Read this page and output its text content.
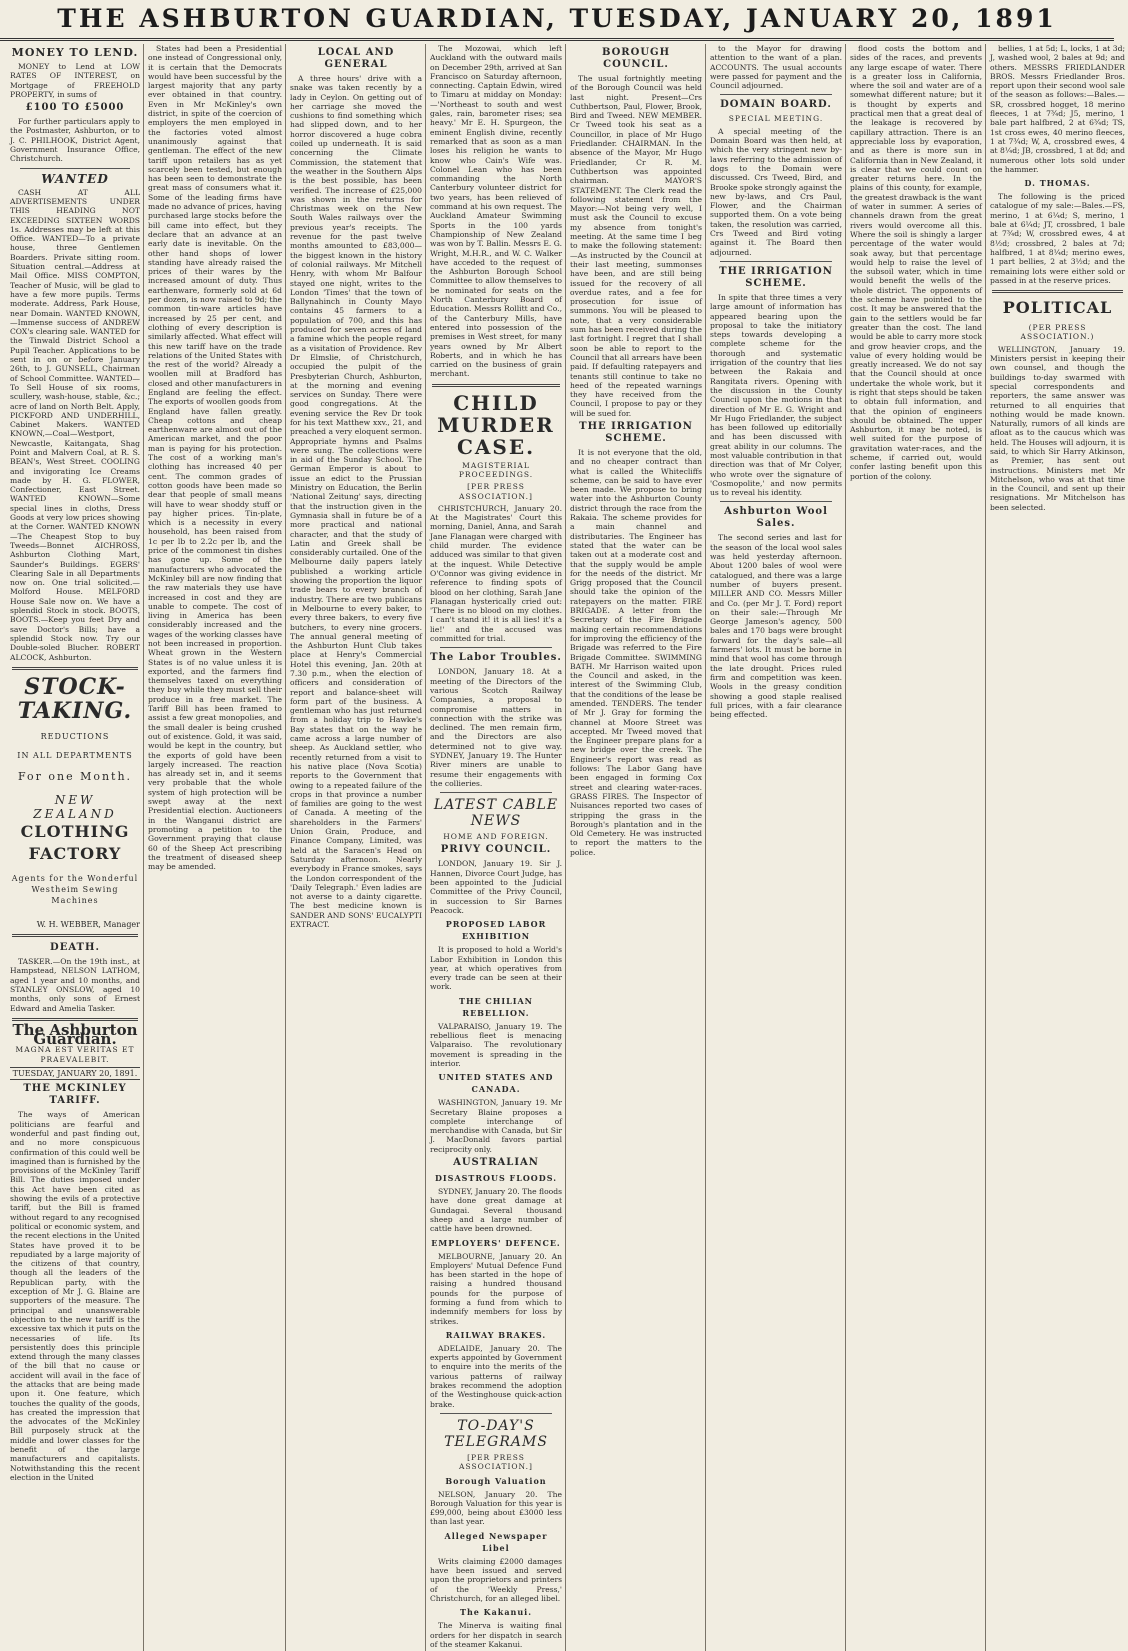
THE ASHBURTON GUARDIAN, TUESDAY, JANUARY 20, 1891
MONEY TO LEND.

MONEY to Lend at LOW RATES OF INTEREST, on Mortgage of FREEHOLD PROPERTY, in sums of

£100 TO £5000

For further particulars apply to the Postmaster, Ashburton, or to J. C. PHILHOOK, District Agent, Government Insurance Office, Christchurch.

WANTED

CASH AT ALL ADVERTISEMENTS UNDER THIS HEADING NOT EXCEEDING SIXTEEN WORDS 1s. Addresses may be left at this Office. WANTED—To a private house, three Gentlemen Boarders. Private sitting room. Situation central.—Address at Mail Office. MISS COMPTON, Teacher of Music, will be glad to have a few more pupils. Terms moderate. Address, Park House, near Domain. WANTED KNOWN,—Immense success of ANDREW COX's clearing sale. WANTED for the Tinwald District School a Pupil Teacher. Applications to be sent in on or before January 26th, to J. GUNSELL, Chairman of School Committee. WANTED—To Sell House of six rooms, scullery, wash-house, stable, &c.; acre of land on North Belt. Apply, PICKFORD AND UNDERHILL, Cabinet Makers. WANTED KNOWN,—Coal—Westport, Newcastle, Kaitangata, Shag Point and Malvern Coal, at R. S. BEAN's, West Street. COOLING and invigorating Ice Creams made by H. G. FLOWER, Confectioner, East Street. WANTED KNOWN—Some special lines in cloths, Dress Goods at very low prices showing at the Corner. WANTED KNOWN—The Cheapest Stop to buy Tweeds—Bonnet AICHROSS, Ashburton Clothing Mart, Saunder's Buildings. EGERS' Clearing Sale in all Departments now on. One trial solicited.—Molford House. MELFORD House Sale now on. We have a splendid Stock in stock. BOOTS, BOOTS.—Keep you feet Dry and save Doctor's Bills; have a splendid Stock now. Try our Double-soled Blucher. ROBERT ALCOCK, Ashburton.

STOCK-TAKING.
REDUCTIONS
IN ALL DEPARTMENTS
For one Month.
NEW ZEALAND
CLOTHING FACTORY
Agents for the Wonderful Westheim Sewing Machines
W. H. WEBBER, Manager
DEATH.

TASKER.—On the 19th inst., at Hampstead, NELSON LATHOM, aged 1 year and 10 months, and STANLEY ONSLOW, aged 10 months, only sons of Ernest Edward and Amelia Tasker.

The Ashburton Guardian.
MAGNA EST VERITAS ET PRAEVALEBIT.
TUESDAY, JANUARY 20, 1891.
THE MCKINLEY TARIFF.

The ways of American politicians are fearful and wonderful and past finding out, and no more conspicuous confirmation of this could well be imagined than is furnished by the provisions of the McKinley Tariff Bill. The duties imposed under this Act have been cited as showing the evils of a protective tariff, but the Bill is framed without regard to any recognised political or economic system, and the recent elections in the United States have proved it to be repudiated by a large majority of the citizens of that country, though all the leaders of the Republican party, with the exception of Mr J. G. Blaine are supporters of the measure. The principal and unanswerable objection to the new tariff is the excessive tax which it puts on the necessaries of life. Its persistently does this principle extend through the many classes of the bill that no cause or accident will avail in the face of the attacks that are being made upon it. One feature, which touches the quality of the goods, has created the impression that the advocates of the McKinley Bill purposely struck at the middle and lower classes for the benefit of the large manufacturers and capitalists. Notwithstanding this the recent election in the United

States had been a Presidential one instead of Congressional only, it is certain that the Democrats would have been successful by the largest majority that any party ever obtained in that country. Even in Mr McKinley's own district, in spite of the coercion of employers the men employed in the factories voted almost unanimously against that gentleman. The effect of the new tariff upon retailers has as yet scarcely been tested, but enough has been seen to demonstrate the great mass of consumers what it. Some of the leading firms have made no advance of prices, having purchased large stocks before the bill came into effect, but they declare that an advance at an early date is inevitable. On the other hand shops of lower standing have already raised the prices of their wares by the increased amount of duty. Thus earthenware, formerly sold at 6d per dozen, is now raised to 9d; the common tin-ware articles have increased by 25 per cent, and clothing of every description is similarly affected. What effect will this new tariff have on the trade relations of the United States with the rest of the world? Already a woollen mill at Bradford has closed and other manufacturers in England are feeling the effect. The exports of woollen goods from England have fallen greatly. Cheap cottons and cheap earthenware are almost out of the American market, and the poor man is paying for his protection. The cost of a working man's clothing has increased 40 per cent. The common grades of cotton goods have been made so dear that people of small means will have to wear shoddy stuff or pay higher prices. Tin-plate, which is a necessity in every household, has been raised from 1c per lb to 2.2c per lb, and the price of the commonest tin dishes has gone up. Some of the manufacturers who advocated the McKinley bill are now finding that the raw materials they use have increased in cost and they are unable to compete. The cost of living in America has been considerably increased and the wages of the working classes have not been increased in proportion. Wheat grown in the Western States is of no value unless it is exported, and the farmers find themselves taxed on everything they buy while they must sell their produce in a free market. The Tariff Bill has been framed to assist a few great monopolies, and the small dealer is being crushed out of existence. Gold, it was said, would be kept in the country, but the exports of gold have been largely increased. The reaction has already set in, and it seems very probable that the whole system of high protection will be swept away at the next Presidential election. Auctioneers in the Wanganui district are promoting a petition to the Government praying that clause 60 of the Sheep Act prescribing the treatment of diseased sheep may be amended.

LOCAL AND GENERAL

A three hours' drive with a snake was taken recently by a lady in Ceylon. On getting out of her carriage she moved the cushions to find something which had slipped down, and to her horror discovered a huge cobra coiled up underneath. It is said concerning the Climate Commission, the statement that the weather in the Southern Alps is the best possible, has been verified. The increase of £25,000 was shown in the returns for Christmas week on the New South Wales railways over the previous year's receipts. The revenue for the past twelve months amounted to £83,000—the biggest known in the history of colonial railways. Mr Mitchell Henry, with whom Mr Balfour stayed one night, writes to the London 'Times' that the town of Ballynahinch in County Mayo contains 45 farmers to a population of 700, and this has produced for seven acres of land a famine which the people regard as a visitation of Providence. Rev Dr Elmslie, of Christchurch, occupied the pulpit of the Presbyterian Church, Ashburton, at the morning and evening services on Sunday. There were good congregations. At the evening service the Rev Dr took for his text Matthew xxv., 21, and preached a very eloquent sermon. Appropriate hymns and Psalms were sung. The collections were in aid of the Sunday School. The German Emperor is about to issue an edict to the Prussian Ministry on Education, the Berlin 'National Zeitung' says, directing that the instruction given in the Gymnasia shall in future be of a more practical and national character, and that the study of Latin and Greek shall be considerably curtailed. One of the Melbourne daily papers lately published a working article showing the proportion the liquor trade bears to every branch of industry. There are two publicans in Melbourne to every baker, to every three bakers, to every five butchers, to every nine grocers. The annual general meeting of the Ashburton Hunt Club takes place at Henry's Commercial Hotel this evening, Jan. 20th at 7.30 p.m., when the election of officers and consideration of report and balance-sheet will form part of the business. A gentleman who has just returned from a holiday trip to Hawke's Bay states that on the way he came across a large number of sheep. As Auckland settler, who recently returned from a visit to his native place (Nova Scotia) reports to the Government that owing to a repeated failure of the crops in that province a number of families are going to the west of Canada. A meeting of the shareholders in the Farmers' Union Grain, Produce, and Finance Company, Limited, was held at the Saracen's Head on Saturday afternoon. Nearly everybody in France smokes, says the London correspondent of the 'Daily Telegraph.' Even ladies are not averse to a dainty cigarette. The best medicine known is SANDER AND SONS' EUCALYPTI EXTRACT.

The Mozowai, which left Auckland with the outward mails on December 29th, arrived at San Francisco on Saturday afternoon, connecting. Captain Edwin, wired to Timaru at midday on Monday:—'Northeast to south and west gales, rain, barometer rises; sea heavy.' Mr E. H. Spurgeon, the eminent English divine, recently remarked that as soon as a man loses his religion he wants to know who Cain's Wife was. Colonel Lean who has been commanding the North Canterbury volunteer district for two years, has been relieved of command at his own request. The Auckland Amateur Swimming Sports in the 100 yards Championship of New Zealand was won by T. Ballin. Messrs E. G. Wright, M.H.R., and W. C. Walker have acceded to the request of the Ashburton Borough School Committee to allow themselves to be nominated for seats on the North Canterbury Board of Education. Messrs Rollitt and Co., of the Canterbury Mills, have entered into possession of the premises in West street, for many years owned by Mr Albert Roberts, and in which he has carried on the business of grain merchant.

CHILD MURDER CASE.
MAGISTERIAL PROCEEDINGS.
[PER PRESS ASSOCIATION.]

CHRISTCHURCH, January 20. At the Magistrates' Court this morning, Daniel, Anna, and Sarah Jane Flanagan were charged with child murder. The evidence adduced was similar to that given at the inquest. While Detective O'Connor was giving evidence in reference to finding spots of blood on her clothing, Sarah Jane Flanagan hysterically cried out: 'There is no blood on my clothes. I can't stand it! it is all lies! it's a lie!' and the accused was committed for trial.

The Labor Troubles.

LONDON, January 18. At a meeting of the Directors of the various Scotch Railway Companies, a proposal to compromise matters in connection with the strike was declined. The men remain firm, and the Directors are also determined not to give way. SYDNEY, January 19. The Hunter River miners are unable to resume their engagements with the collieries.

LATEST CABLE NEWS
HOME AND FOREIGN.
PRIVY COUNCIL.

LONDON, January 19. Sir J. Hannen, Divorce Court Judge, has been appointed to the Judicial Committee of the Privy Council, in succession to Sir Barnes Peacock.

PROPOSED LABOR EXHIBITION

It is proposed to hold a World's Labor Exhibition in London this year, at which operatives from every trade can be seen at their work.

THE CHILIAN REBELLION.

VALPARAISO, January 19. The rebellious fleet is menacing Valparaiso. The revolutionary movement is spreading in the interior.

UNITED STATES AND CANADA.

WASHINGTON, January 19. Mr Secretary Blaine proposes a complete interchange of merchandise with Canada, but Sir J. MacDonald favors partial reciprocity only.

AUSTRALIAN
DISASTROUS FLOODS.

SYDNEY, January 20. The floods have done great damage at Gundagai. Several thousand sheep and a large number of cattle have been drowned.

EMPLOYERS' DEFENCE.

MELBOURNE, January 20. An Employers' Mutual Defence Fund has been started in the hope of raising a hundred thousand pounds for the purpose of forming a fund from which to indemnify members for loss by strikes.

RAILWAY BRAKES.

ADELAIDE, January 20. The experts appointed by Government to enquire into the merits of the various patterns of railway brakes recommend the adoption of the Westinghouse quick-action brake.

TO-DAY'S TELEGRAMS
[PER PRESS ASSOCIATION.]
Borough Valuation

NELSON, January 20. The Borough Valuation for this year is £99,000, being about £3000 less than last year.

Alleged Newspaper Libel

Writs claiming £2000 damages have been issued and served upon the proprietors and printers of the 'Weekly Press,' Christchurch, for an alleged libel.

The Kakanui.

The Minerva is waiting final orders for her dispatch in search of the steamer Kakanui.

BOROUGH COUNCIL.

The usual fortnightly meeting of the Borough Council was held last night. Present—Crs Cuthbertson, Paul, Flower, Brook, Bird and Tweed. NEW MEMBER. Cr Tweed took his seat as a Councillor, in place of Mr Hugo Friedlander. CHAIRMAN. In the absence of the Mayor, Mr Hugo Friedlander, Cr R. M. Cuthbertson was appointed chairman. MAYOR'S STATEMENT. The Clerk read the following statement from the Mayor:—Not being very well, I must ask the Council to excuse my absence from tonight's meeting. At the same time I beg to make the following statement:—As instructed by the Council at their last meeting, summonses have been, and are still being issued for the recovery of all overdue rates, and a fee for prosecution for issue of summons. You will be pleased to note, that a very considerable sum has been received during the last fortnight. I regret that I shall soon be able to report to the Council that all arrears have been paid. If defaulting ratepayers and tenants still continue to take no heed of the repeated warnings they have received from the Council, I propose to pay or they will be sued for.

THE IRRIGATION SCHEME.

It is not everyone that the old, and no cheaper contract than what is called the Whitecliffs scheme, can be said to have ever been made. We propose to bring water into the Ashburton County district through the race from the Rakaia. The scheme provides for a main channel and distributaries. The Engineer has stated that the water can be taken out at a moderate cost and that the supply would be ample for the needs of the district. Mr Grigg proposed that the Council should take the opinion of the ratepayers on the matter. FIRE BRIGADE. A letter from the Secretary of the Fire Brigade making certain recommendations for improving the efficiency of the Brigade was referred to the Fire Brigade Committee. SWIMMING BATH. Mr Harrison waited upon the Council and asked, in the interest of the Swimming Club, that the conditions of the lease be amended. TENDERS. The tender of Mr J. Gray for forming the channel at Moore Street was accepted. Mr Tweed moved that the Engineer prepare plans for a new bridge over the creek. The Engineer's report was read as follows: The Labor Gang have been engaged in forming Cox street and clearing water-races. GRASS FIRES. The Inspector of Nuisances reported two cases of stripping the grass in the Borough's plantation and in the Old Cemetery. He was instructed to report the matters to the police.

to the Mayor for drawing attention to the want of a plan. ACCOUNTS. The usual accounts were passed for payment and the Council adjourned.

DOMAIN BOARD.
SPECIAL MEETING.

A special meeting of the Domain Board was then held, at which the very stringent new by-laws referring to the admission of dogs to the Domain were discussed. Crs Tweed, Bird, and Brooke spoke strongly against the new by-laws, and Crs Paul, Flower, and the Chairman supported them. On a vote being taken, the resolution was carried, Crs Tweed and Bird voting against it. The Board then adjourned.

THE IRRIGATION SCHEME.

In spite that three times a very large amount of information has appeared bearing upon the proposal to take the initiatory steps towards developing a complete scheme for the thorough and systematic irrigation of the country that lies between the Rakaia and Rangitata rivers. Opening with the discussion in the County Council upon the motions in that direction of Mr E. G. Wright and Mr Hugo Friedlander, the subject has been followed up editorially and has been discussed with great ability in our columns. The most valuable contribution in that direction was that of Mr Colyer, who wrote over the signature of 'Cosmopolite,' and now permits us to reveal his identity.

Ashburton Wool Sales.

The second series and last for the season of the local wool sales was held yesterday afternoon. About 1200 bales of wool were catalogued, and there was a large number of buyers present. MILLER AND CO. Messrs Miller and Co. (per Mr J. T. Ford) report on their sale:—Through Mr George Jameson's agency, 500 bales and 170 bags were brought forward for the day's sale—all farmers' lots. It must be borne in mind that wool has come through the late drought. Prices ruled firm and competition was keen. Wools in the greasy condition showing a good staple realised full prices, with a fair clearance being effected.

flood costs the bottom and sides of the races, and prevents any large escape of water. There is a greater loss in California, where the soil and water are of a somewhat different nature; but it is thought by experts and practical men that a great deal of the leakage is recovered by capillary attraction. There is an appreciable loss by evaporation, and as there is more sun in California than in New Zealand, it is clear that we could count on greater returns here. In the plains of this county, for example, the greatest drawback is the want of water in summer. A series of channels drawn from the great rivers would overcome all this. Where the soil is shingly a larger percentage of the water would soak away, but that percentage would help to raise the level of the subsoil water, which in time would benefit the wells of the whole district. The opponents of the scheme have pointed to the cost. It may be answered that the gain to the settlers would be far greater than the cost. The land would be able to carry more stock and grow heavier crops, and the value of every holding would be greatly increased. We do not say that the Council should at once undertake the whole work, but it is right that steps should be taken to obtain full information, and that the opinion of engineers should be obtained. The upper Ashburton, it may be noted, is well suited for the purpose of gravitation water-races, and the scheme, if carried out, would confer lasting benefit upon this portion of the colony.

bellies, 1 at 5d; L, locks, 1 at 3d; J, washed wool, 2 bales at 9d; and others. MESSRS FRIEDLANDER BROS. Messrs Friedlander Bros. report upon their second wool sale of the season as follows:—Bales.—SR, crossbred hogget, 18 merino fleeces, 1 at 7¾d; J5, merino, 1 bale part halfbred, 2 at 6¾d; TS, 1st cross ewes, 40 merino fleeces, 1 at 7¾d; W, A, crossbred ewes, 4 at 8¼d; JB, crossbred, 1 at 8d; and numerous other lots sold under the hammer.

D. THOMAS.

The following is the priced catalogue of my sale:—Bales.—FS, merino, 1 at 6¼d; S, merino, 1 bale at 6¼d; JT, crossbred, 1 bale at 7¾d; W, crossbred ewes, 4 at 8½d; crossbred, 2 bales at 7d; halfbred, 1 at 8¼d; merino ewes, 1 part bellies, 2 at 3½d; and the remaining lots were either sold or passed in at the reserve prices.

POLITICAL
(PER PRESS ASSOCIATION.)

WELLINGTON, January 19. Ministers persist in keeping their own counsel, and though the buildings to-day swarmed with special correspondents and reporters, the same answer was returned to all enquiries that nothing would be made known. Naturally, rumors of all kinds are afloat as to the caucus which was held. The Houses will adjourn, it is said, to which Sir Harry Atkinson, as Premier, has sent out instructions. Ministers met Mr Mitchelson, who was at that time in the Council, and sent up their resignations. Mr Mitchelson has been selected.
